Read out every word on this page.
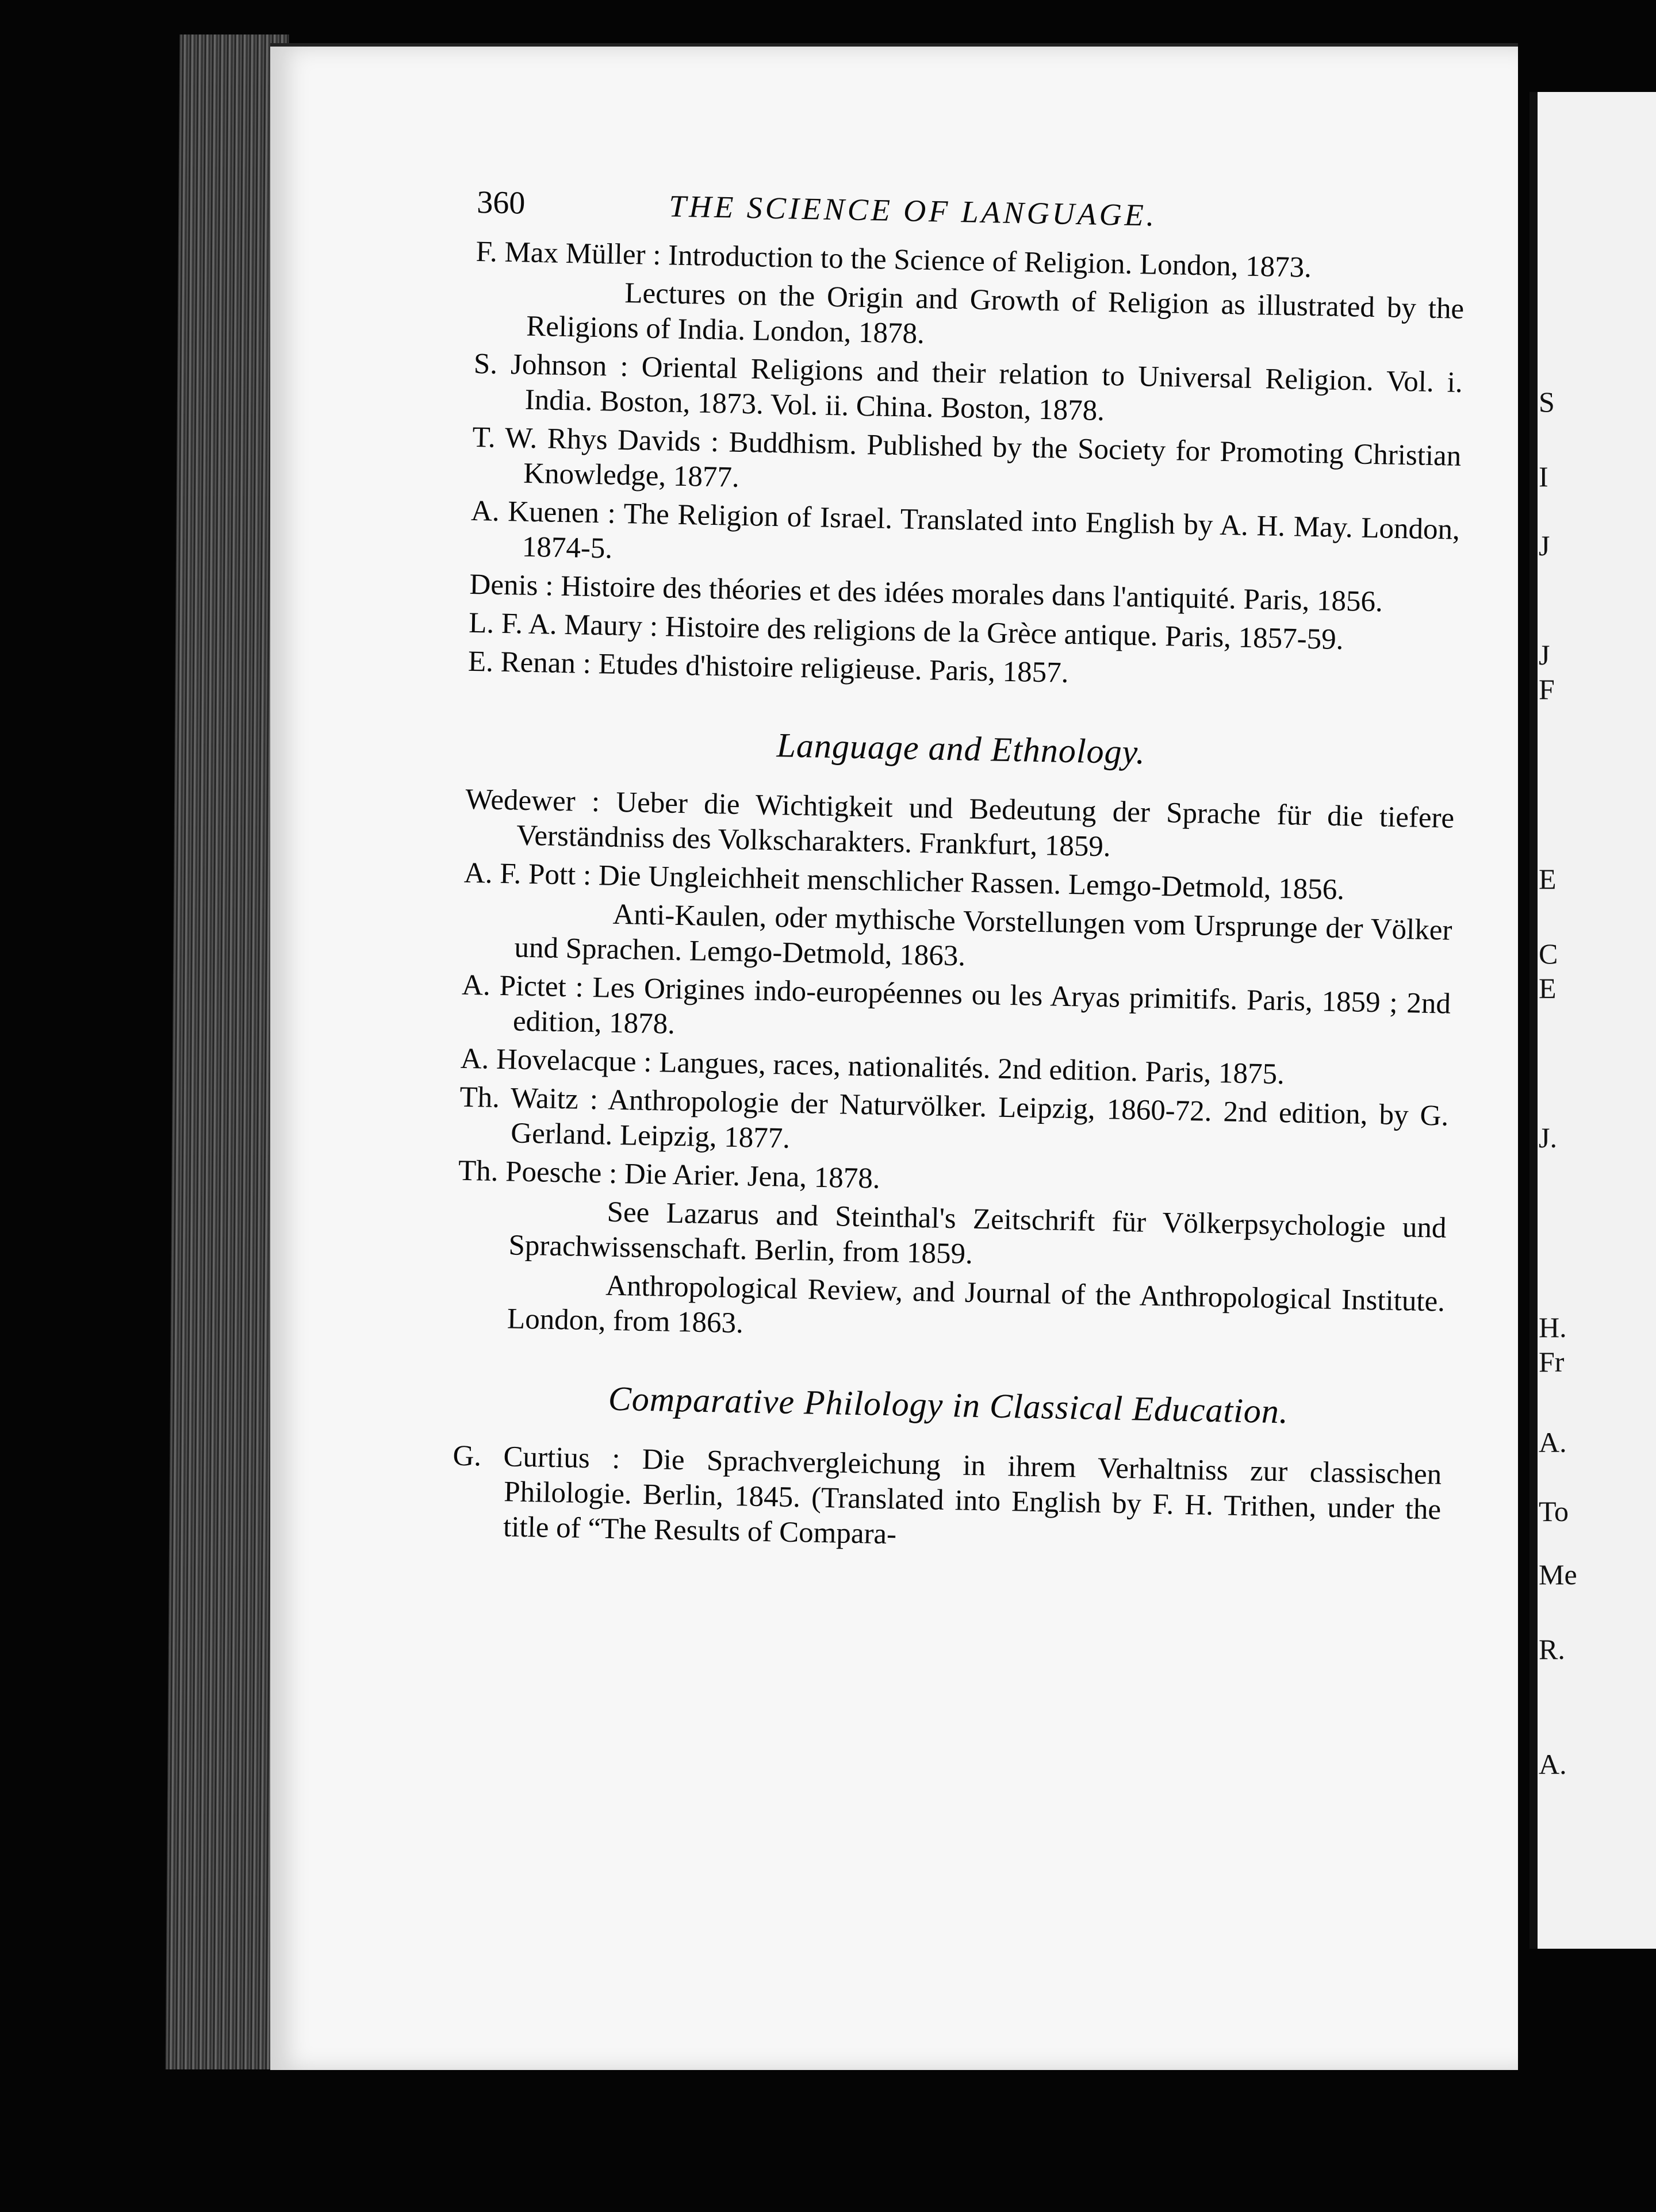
S
I
J
J
F
E
C
E
J.
H.
Fr
A.
To
Me
R.
A.
360	THE SCIENCE OF LANGUAGE.

F. Max Müller : Introduction to the Science of Religion. London, 1873.

Lectures on the Origin and Growth of Religion as illustrated by the Religions of India. London, 1878.

S. Johnson : Oriental Religions and their relation to Universal Religion. Vol. i. India. Boston, 1873. Vol. ii. China. Boston, 1878.

T. W. Rhys Davids : Buddhism. Published by the Society for Promoting Christian Knowledge, 1877.

A. Kuenen : The Religion of Israel. Translated into English by A. H. May. London, 1874-5.

Denis : Histoire des théories et des idées morales dans l'antiquité. Paris, 1856.

L. F. A. Maury : Histoire des religions de la Grèce antique. Paris, 1857-59.

E. Renan : Etudes d'histoire religieuse. Paris, 1857.

Language and Ethnology.

Wedewer : Ueber die Wichtigkeit und Bedeutung der Sprache für die tiefere Verständniss des Volkscharakters. Frankfurt, 1859.

A. F. Pott : Die Ungleichheit menschlicher Rassen. Lemgo-Detmold, 1856.

Anti-Kaulen, oder mythische Vorstellungen vom Ursprunge der Völker und Sprachen. Lemgo-Detmold, 1863.

A. Pictet : Les Origines indo-européennes ou les Aryas primitifs. Paris, 1859 ; 2nd edition, 1878.

A. Hovelacque : Langues, races, nationalités. 2nd edition. Paris, 1875.

Th. Waitz : Anthropologie der Naturvölker. Leipzig, 1860-72. 2nd edition, by G. Gerland. Leipzig, 1877.

Th. Poesche : Die Arier. Jena, 1878.

See Lazarus and Steinthal's Zeitschrift für Völkerpsychologie und Sprachwissenschaft. Berlin, from 1859.

Anthropological Review, and Journal of the Anthropological Institute. London, from 1863.

Comparative Philology in Classical Education.

G. Curtius : Die Sprachvergleichung in ihrem Verhaltniss zur classischen Philologie. Berlin, 1845. (Translated into English by F. H. Trithen, under the title of “The Results of Compara-
